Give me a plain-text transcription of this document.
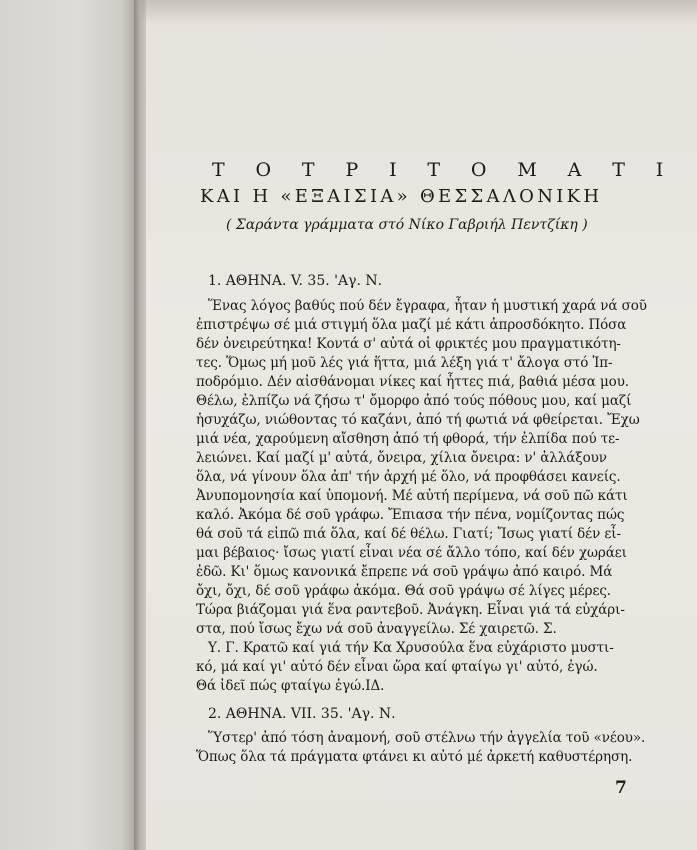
Τ Ο Τ Ρ Ι Τ Ο Μ Α Τ Ι
ΚΑΙ Η «ΕΞΑΙΣΙΑ» ΘΕΣΣΑΛΟΝΙΚΗ
( Σαράντα γράμματα στό Νίκο Γαβριήλ Πεντζίκη )
1. ΑΘΗΝΑ. V. 35. 'Αγ. Ν.
Ἕνας λόγος βαθύς πού δέν ἔγραφα, ἦταν ἡ μυστική χαρά νά σοῦ
ἐπιστρέψω σέ μιά στιγμή ὅλα μαζί μέ κάτι ἀπροσδόκητο. Πόσα
δέν ὀνειρεύτηκα! Κοντά σ' αὐτά οἱ φρικτές μου πραγματικότη-
τες. Ὅμως μή μοῦ λές γιά ἥττα, μιά λέξη γιά τ' ἄλογα στό Ἱπ-
ποδρόμιο. Δέν αἰσθάνομαι νίκες καί ἧττες πιά, βαθιά μέσα μου.
Θέλω, ἐλπίζω νά ζήσω τ' ὄμορφο ἀπό τούς πόθους μου, καί μαζί
ἡσυχάζω, νιώθοντας τό καζάνι, ἀπό τή φωτιά νά φθείρεται. Ἔχω
μιά νέα, χαρούμενη αἴσθηση ἀπό τή φθορά, τήν ἐλπίδα πού τε-
λειώνει. Καί μαζί μ' αὐτά, ὄνειρα, χίλια ὄνειρα: ν' ἀλλάξουν
ὅλα, νά γίνουν ὅλα ἀπ' τήν ἀρχή μέ ὅλο, νά προφθάσει κανείς.
Ἀνυπομονησία καί ὑπομονή. Μέ αὐτή περίμενα, νά σοῦ πῶ κάτι
καλό. Ἀκόμα δέ σοῦ γράφω. Ἔπιασα τήν πένα, νομίζοντας πώς
θά σοῦ τά εἰπῶ πιά ὅλα, καί δέ θέλω. Γιατί; Ἴσως γιατί δέν εἶ-
μαι βέβαιος· ἴσως γιατί εἶναι νέα σέ ἄλλο τόπο, καί δέν χωράει
ἐδῶ. Κι' ὅμως κανονικά ἔπρεπε νά σοῦ γράψω ἀπό καιρό. Μά
ὄχι, ὄχι, δέ σοῦ γράφω ἀκόμα. Θά σοῦ γράψω σέ λίγες μέρες.
Τώρα βιάζομαι γιά ἕνα ραντεβοῦ. Ἀνάγκη. Εἶναι γιά τά εὐχάρι-
στα, πού ἴσως ἔχω νά σοῦ ἀναγγείλω. Σέ χαιρετῶ. Σ.
Υ. Γ. Κρατῶ καί γιά τήν Κα Χρυσούλα ἕνα εὐχάριστο μυστι-
κό, μά καί γι' αὐτό δέν εἶναι ὥρα καί φταίγω γι' αὐτό, ἐγώ.
Θά ἰδεῖ πώς φταίγω ἐγώ.ΙΔ.
2. ΑΘΗΝΑ. VII. 35. 'Αγ. Ν.
Ὕστερ' ἀπό τόση ἀναμονή, σοῦ στέλνω τήν ἀγγελία τοῦ «νέου».
Ὅπως ὅλα τά πράγματα φτάνει κι αὐτό μέ ἀρκετή καθυστέρηση.
7
